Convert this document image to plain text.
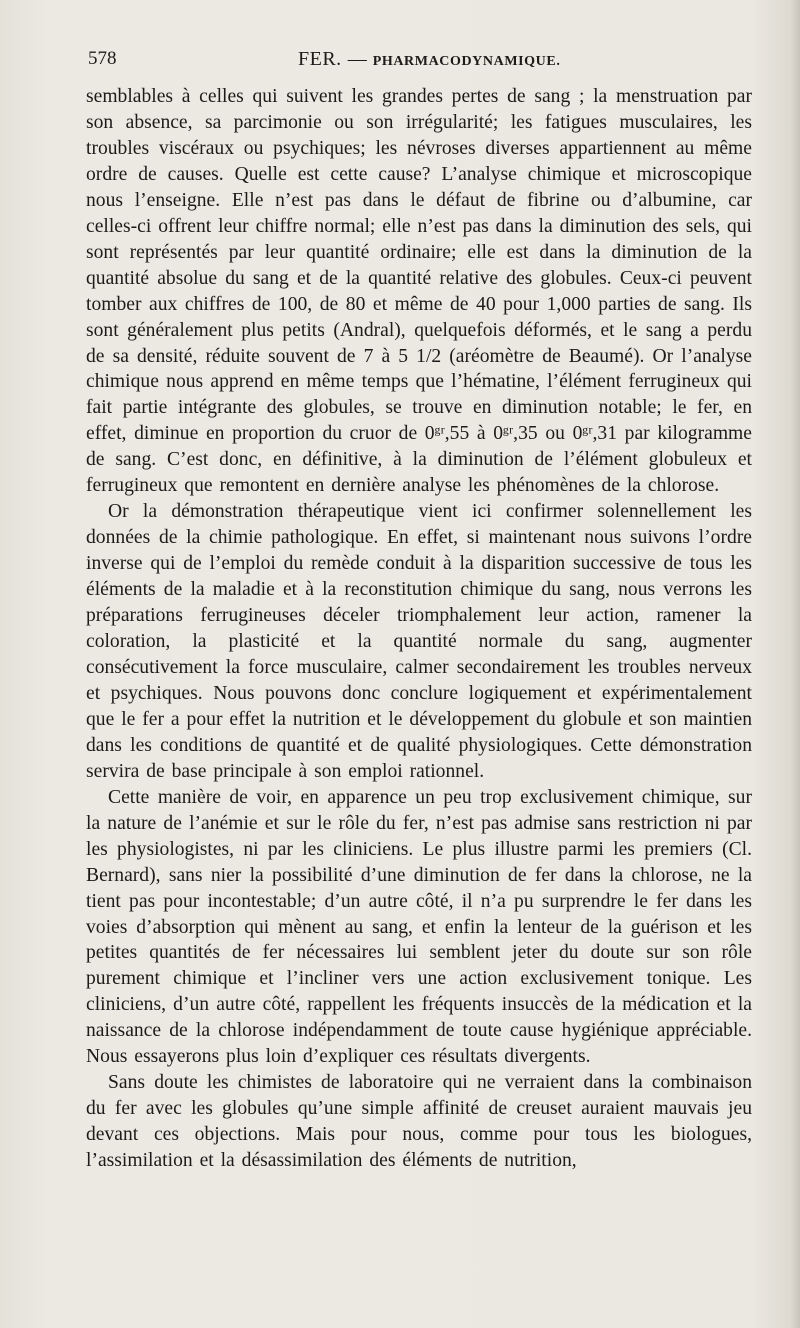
578	FER. — PHARMACODYNAMIQUE.

semblables à celles qui suivent les grandes pertes de sang ; la menstruation par son absence, sa parcimonie ou son irrégularité; les fatigues musculaires, les troubles viscéraux ou psychiques; les névroses diverses appartiennent au même ordre de causes. Quelle est cette cause? L’analyse chimique et microscopique nous l’enseigne. Elle n’est pas dans le défaut de fibrine ou d’albumine, car celles-ci offrent leur chiffre normal; elle n’est pas dans la diminution des sels, qui sont représentés par leur quantité ordinaire; elle est dans la diminution de la quantité absolue du sang et de la quantité relative des globules. Ceux-ci peuvent tomber aux chiffres de 100, de 80 et même de 40 pour 1,000 parties de sang. Ils sont généralement plus petits (Andral), quelquefois déformés, et le sang a perdu de sa densité, réduite souvent de 7 à 5 1/2 (aréomètre de Beaumé). Or l’analyse chimique nous apprend en même temps que l’hématine, l’élément ferrugineux qui fait partie intégrante des globules, se trouve en diminution notable; le fer, en effet, diminue en proportion du cruor de 0ᵍʳ,55 à 0ᵍʳ,35 ou 0ᵍʳ,31 par kilogramme de sang. C’est donc, en définitive, à la diminution de l’élément globuleux et ferrugineux que remontent en dernière analyse les phénomènes de la chlorose.

Or la démonstration thérapeutique vient ici confirmer solennellement les données de la chimie pathologique. En effet, si maintenant nous suivons l’ordre inverse qui de l’emploi du remède conduit à la disparition successive de tous les éléments de la maladie et à la reconstitution chimique du sang, nous verrons les préparations ferrugineuses déceler triomphalement leur action, ramener la coloration, la plasticité et la quantité normale du sang, augmenter consécutivement la force musculaire, calmer secondairement les troubles nerveux et psychiques. Nous pouvons donc conclure logiquement et expérimentalement que le fer a pour effet la nutrition et le développement du globule et son maintien dans les conditions de quantité et de qualité physiologiques. Cette démonstration servira de base principale à son emploi rationnel.

Cette manière de voir, en apparence un peu trop exclusivement chimique, sur la nature de l’anémie et sur le rôle du fer, n’est pas admise sans restriction ni par les physiologistes, ni par les cliniciens. Le plus illustre parmi les premiers (Cl. Bernard), sans nier la possibilité d’une diminution de fer dans la chlorose, ne la tient pas pour incontestable; d’un autre côté, il n’a pu surprendre le fer dans les voies d’absorption qui mènent au sang, et enfin la lenteur de la guérison et les petites quantités de fer nécessaires lui semblent jeter du doute sur son rôle purement chimique et l’incliner vers une action exclusivement tonique. Les cliniciens, d’un autre côté, rappellent les fréquents insuccès de la médication et la naissance de la chlorose indépendamment de toute cause hygiénique appréciable. Nous essayerons plus loin d’expliquer ces résultats divergents.

Sans doute les chimistes de laboratoire qui ne verraient dans la combinaison du fer avec les globules qu’une simple affinité de creuset auraient mauvais jeu devant ces objections. Mais pour nous, comme pour tous les biologues, l’assimilation et la désassimilation des éléments de nutrition,
